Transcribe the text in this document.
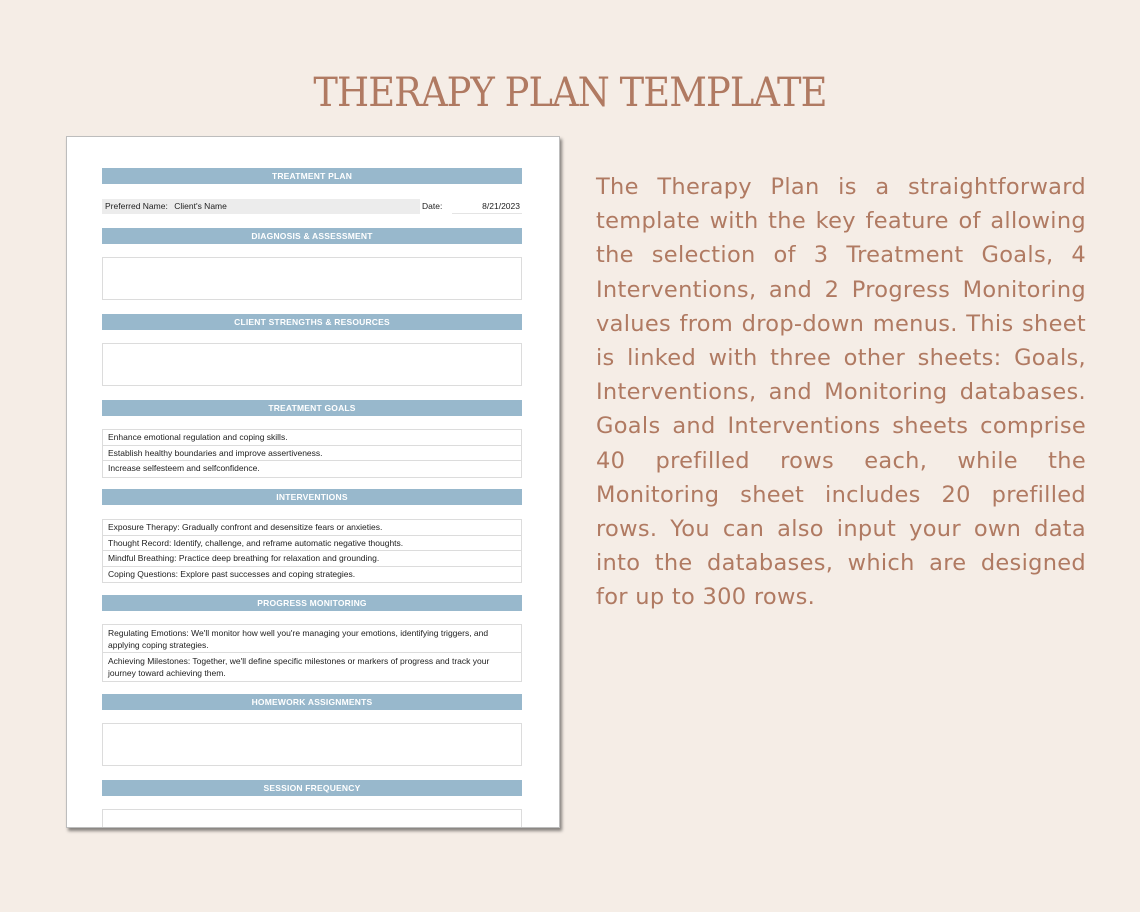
THERAPY PLAN TEMPLATE
TREATMENT PLAN
Preferred Name: Client's Name	Date:	8/21/2023
DIAGNOSIS & ASSESSMENT
CLIENT STRENGTHS & RESOURCES
TREATMENT GOALS
Enhance emotional regulation and coping skills.
Establish healthy boundaries and improve assertiveness.
Increase selfesteem and selfconfidence.
INTERVENTIONS
Exposure Therapy: Gradually confront and desensitize fears or anxieties.
Thought Record: Identify, challenge, and reframe automatic negative thoughts.
Mindful Breathing: Practice deep breathing for relaxation and grounding.
Coping Questions: Explore past successes and coping strategies.
PROGRESS MONITORING
Regulating Emotions: We'll monitor how well you're managing your emotions, identifying triggers, and applying coping strategies.
Achieving Milestones: Together, we'll define specific milestones or markers of progress and track your journey toward achieving them.
HOMEWORK ASSIGNMENTS
SESSION FREQUENCY
The Therapy Plan is a straightforward template with the key feature of allowing the selection of 3 Treatment Goals, 4 Interventions, and 2 Progress Monitoring values from drop-down menus. This sheet is linked with three other sheets: Goals, Interventions, and Monitoring databases. Goals and Interventions sheets comprise 40 prefilled rows each, while the Monitoring sheet includes 20 prefilled rows. You can also input your own data into the databases, which are designed for up to 300 rows.
